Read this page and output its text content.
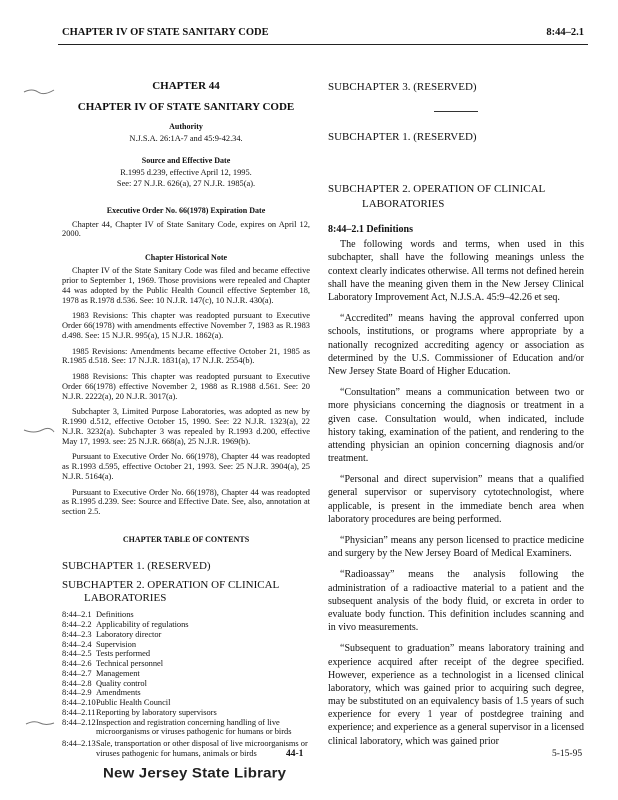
CHAPTER IV OF STATE SANITARY CODE	8:44–2.1
CHAPTER 44
CHAPTER IV OF STATE SANITARY CODE
Authority
N.J.S.A. 26:1A-7 and 45:9-42.34.
Source and Effective Date
R.1995 d.239, effective April 12, 1995.
See: 27 N.J.R. 626(a), 27 N.J.R. 1985(a).
Executive Order No. 66(1978) Expiration Date
Chapter 44, Chapter IV of State Sanitary Code, expires on April 12, 2000.
Chapter Historical Note
Chapter IV of the State Sanitary Code was filed and became effective prior to September 1, 1969. Those provisions were repealed and Chapter 44 was adopted by the Public Health Council effective September 18, 1978 as R.1978 d.536. See: 10 N.J.R. 147(c), 10 N.J.R. 430(a).
1983 Revisions: This chapter was readopted pursuant to Executive Order 66(1978) with amendments effective November 7, 1983 as R.1983 d.498. See: 15 N.J.R. 995(a), 15 N.J.R. 1862(a).
1985 Revisions: Amendments became effective October 21, 1985 as R.1985 d.518. See: 17 N.J.R. 1831(a), 17 N.J.R. 2554(b).
1988 Revisions: This chapter was readopted pursuant to Executive Order 66(1978) effective November 2, 1988 as R.1988 d.561. See: 20 N.J.R. 2222(a), 20 N.J.R. 3017(a).
Subchapter 3, Limited Purpose Laboratories, was adopted as new by R.1990 d.512, effective October 15, 1990. See: 22 N.J.R. 1323(a), 22 N.J.R. 3232(a). Subchapter 3 was repealed by R.1993 d.200, effective May 17, 1993. see: 25 N.J.R. 668(a), 25 N.J.R. 1969(b).
Pursuant to Executive Order No. 66(1978), Chapter 44 was readopted as R.1993 d.595, effective October 21, 1993. See: 25 N.J.R. 3904(a), 25 N.J.R. 5164(a).
Pursuant to Executive Order No. 66(1978), Chapter 44 was readopted as R.1995 d.239. See: Source and Effective Date. See, also, annotation at section 2.5.
CHAPTER TABLE OF CONTENTS
SUBCHAPTER 1. (RESERVED)
SUBCHAPTER 2. OPERATION OF CLINICAL
LABORATORIES
8:44–2.1 Definitions
8:44–2.2 Applicability of regulations
8:44–2.3 Laboratory director
8:44–2.4 Supervision
8:44–2.5 Tests performed
8:44–2.6 Technical personnel
8:44–2.7 Management
8:44–2.8 Quality control
8:44–2.9 Amendments
8:44–2.10 Public Health Council
8:44–2.11 Reporting by laboratory supervisors
8:44–2.12 Inspection and registration concerning handling of live microorganisms or viruses pathogenic for humans or birds
8:44–2.13 Sale, transportation or other disposal of live microorganisms or viruses pathogenic for humans, animals or birds
SUBCHAPTER 3. (RESERVED)
SUBCHAPTER 1. (RESERVED)
SUBCHAPTER 2. OPERATION OF CLINICAL
LABORATORIES
8:44–2.1 Definitions
The following words and terms, when used in this subchapter, shall have the following meanings unless the context clearly indicates otherwise. All terms not defined herein shall have the meaning given them in the New Jersey Clinical Laboratory Improvement Act, N.J.S.A. 45:9–42.26 et seq.
“Accredited” means having the approval conferred upon schools, institutions, or programs where appropriate by a nationally recognized accrediting agency or association as determined by the U.S. Commissioner of Education and/or New Jersey State Board of Higher Education.
“Consultation” means a communication between two or more physicians concerning the diagnosis or treatment in a given case. Consultation would, when indicated, include history taking, examination of the patient, and rendering to the attending physician an opinion concerning diagnosis and/or treatment.
“Personal and direct supervision” means that a qualified general supervisor or supervisory cytotechnologist, where applicable, is present in the immediate bench area when laboratory procedures are being performed.
“Physician” means any person licensed to practice medicine and surgery by the New Jersey Board of Medical Examiners.
“Radioassay” means the analysis following the administration of a radioactive material to a patient and the subsequent analysis of the body fluid, or excreta in order to evaluate body function. This definition includes scanning and in vivo measurements.
“Subsequent to graduation” means laboratory training and experience acquired after receipt of the degree specified. However, experience as a technologist in a licensed clinical laboratory, which was gained prior to acquiring such degree, may be substituted on an equivalency basis of 1.5 years of such experience for every 1 year of postdegree training and experience; and experience as a general supervisor in a licensed clinical laboratory, which was gained prior
44-1	5-15-95
New Jersey State Library
